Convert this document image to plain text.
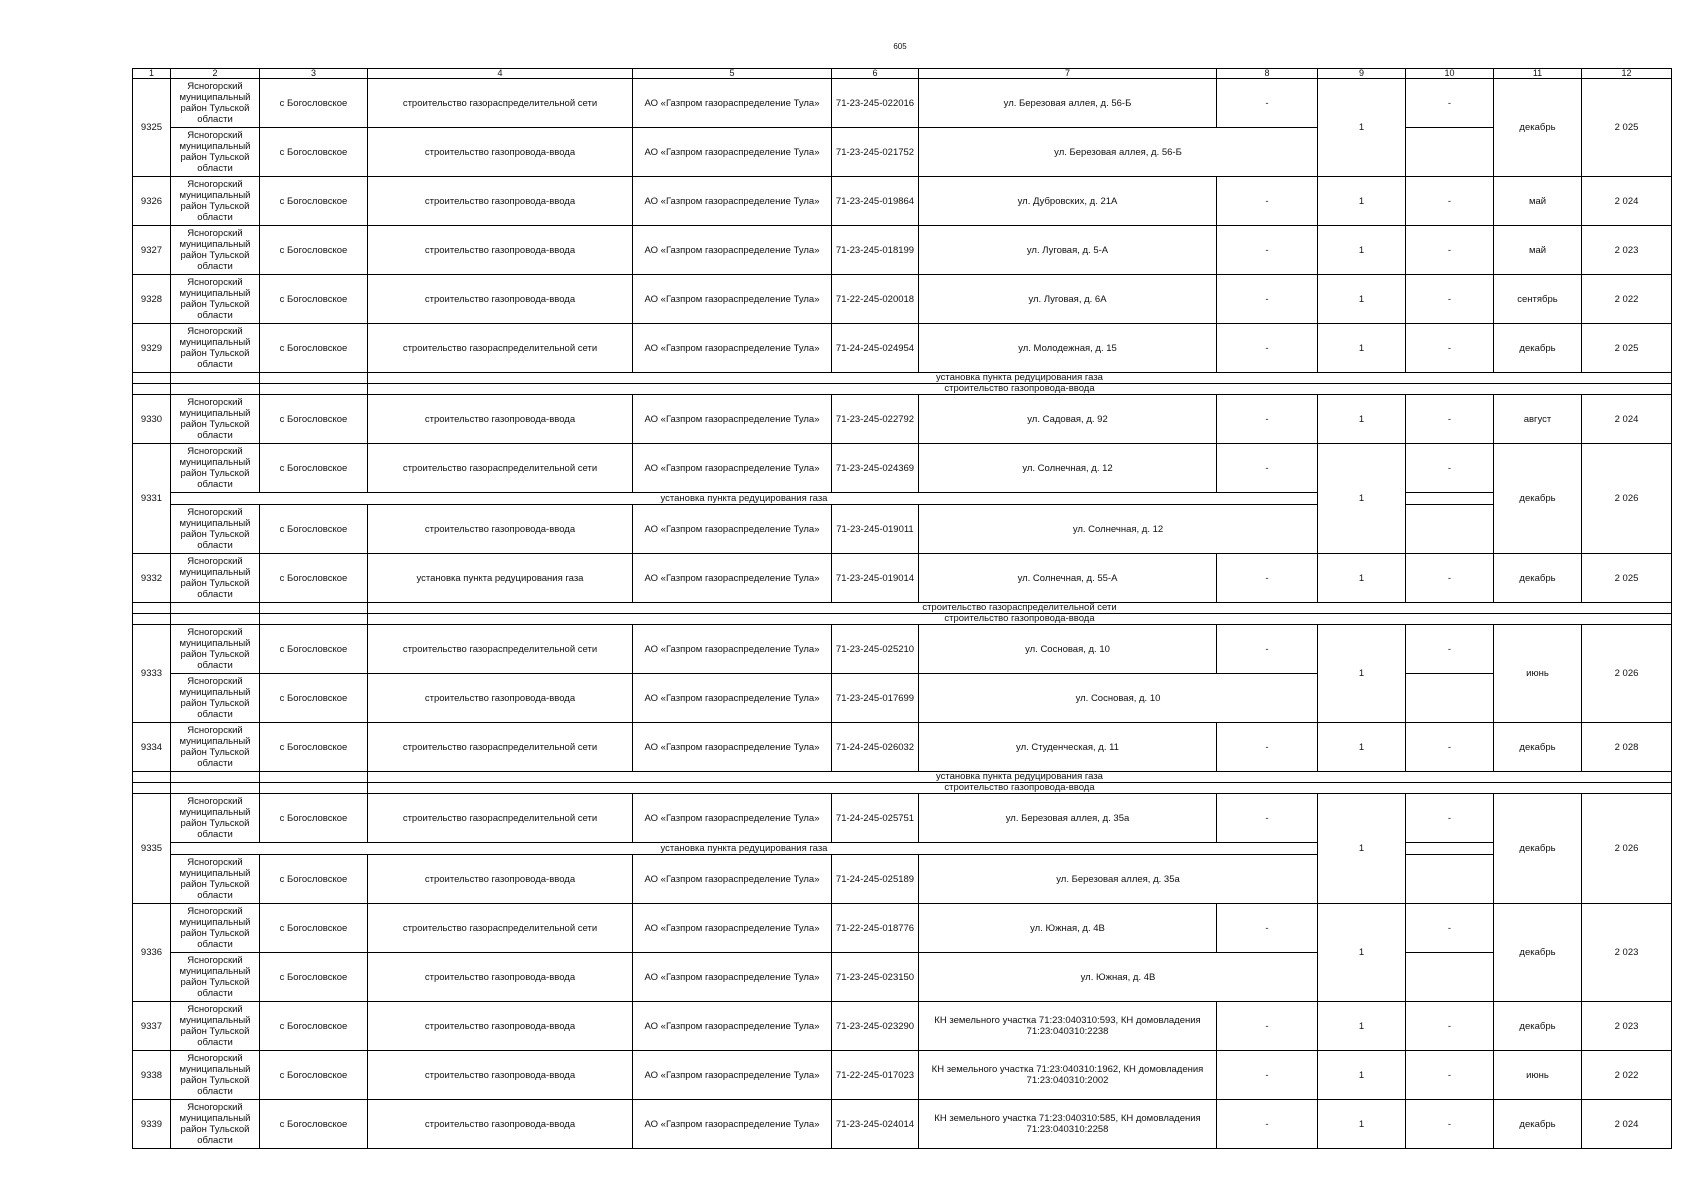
605
1	2	3	4	5	6	7	8	9	10	11	12
9325	Ясногорский муниципальный район Тульской области	с Богословское	строительство газораспределительной сети	АО «Газпром газораспределение Тула»	71-23-245-022016	ул. Березовая аллея, д. 56-Б	-	1	-	декабрь	2 025
	Ясногорский муниципальный район Тульской области	с Богословское	строительство газопровода-ввода	АО «Газпром газораспределение Тула»	71-23-245-021752	ул. Березовая аллея, д. 56-Б					
9326	Ясногорский муниципальный район Тульской области	с Богословское	строительство газопровода-ввода	АО «Газпром газораспределение Тула»	71-23-245-019864	ул. Дубровских, д. 21А	-	1	-	май	2 024
9327	Ясногорский муниципальный район Тульской области	с Богословское	строительство газопровода-ввода	АО «Газпром газораспределение Тула»	71-23-245-018199	ул. Луговая, д. 5-А	-	1	-	май	2 023
9328	Ясногорский муниципальный район Тульской области	с Богословское	строительство газопровода-ввода	АО «Газпром газораспределение Тула»	71-22-245-020018	ул. Луговая, д. 6А	-	1	-	сентябрь	2 022
9329	Ясногорский муниципальный район Тульской области	с Богословское	строительство газораспределительной сети	АО «Газпром газораспределение Тула»	71-24-245-024954	ул. Молодежная, д. 15	-	1	-	декабрь	2 025
			установка пункта редуцирования газа								
			строительство газопровода-ввода								
9330	Ясногорский муниципальный район Тульской области	с Богословское	строительство газопровода-ввода	АО «Газпром газораспределение Тула»	71-23-245-022792	ул. Садовая, д. 92	-	1	-	август	2 024
9331	Ясногорский муниципальный район Тульской области	с Богословское	строительство газораспределительной сети	АО «Газпром газораспределение Тула»	71-23-245-024369	ул. Солнечная, д. 12	-	1	-	декабрь	2 026
	установка пункта редуцирования газа										
	Ясногорский муниципальный район Тульской области	с Богословское	строительство газопровода-ввода	АО «Газпром газораспределение Тула»	71-23-245-019011	ул. Солнечная, д. 12					
9332	Ясногорский муниципальный район Тульской области	с Богословское	установка пункта редуцирования газа	АО «Газпром газораспределение Тула»	71-23-245-019014	ул. Солнечная, д. 55-А	-	1	-	декабрь	2 025
			строительство газораспределительной сети								
			строительство газопровода-ввода								
9333	Ясногорский муниципальный район Тульской области	с Богословское	строительство газораспределительной сети	АО «Газпром газораспределение Тула»	71-23-245-025210	ул. Сосновая, д. 10	-	1	-	июнь	2 026
	Ясногорский муниципальный район Тульской области	с Богословское	строительство газопровода-ввода	АО «Газпром газораспределение Тула»	71-23-245-017699	ул. Сосновая, д. 10					
9334	Ясногорский муниципальный район Тульской области	с Богословское	строительство газораспределительной сети	АО «Газпром газораспределение Тула»	71-24-245-026032	ул. Студенческая, д. 11	-	1	-	декабрь	2 028
			установка пункта редуцирования газа								
			строительство газопровода-ввода								
9335	Ясногорский муниципальный район Тульской области	с Богословское	строительство газораспределительной сети	АО «Газпром газораспределение Тула»	71-24-245-025751	ул. Березовая аллея, д. 35а	-	1	-	декабрь	2 026
	установка пункта редуцирования газа										
	Ясногорский муниципальный район Тульской области	с Богословское	строительство газопровода-ввода	АО «Газпром газораспределение Тула»	71-24-245-025189	ул. Березовая аллея, д. 35а					
9336	Ясногорский муниципальный район Тульской области	с Богословское	строительство газораспределительной сети	АО «Газпром газораспределение Тула»	71-22-245-018776	ул. Южная, д. 4В	-	1	-	декабрь	2 023
	Ясногорский муниципальный район Тульской области	с Богословское	строительство газопровода-ввода	АО «Газпром газораспределение Тула»	71-23-245-023150	ул. Южная, д. 4В					
9337	Ясногорский муниципальный район Тульской области	с Богословское	строительство газопровода-ввода	АО «Газпром газораспределение Тула»	71-23-245-023290	КН земельного участка 71:23:040310:593, КН домовладения 71:23:040310:2238	-	1	-	декабрь	2 023
9338	Ясногорский муниципальный район Тульской области	с Богословское	строительство газопровода-ввода	АО «Газпром газораспределение Тула»	71-22-245-017023	КН земельного участка 71:23:040310:1962, КН домовладения 71:23:040310:2002	-	1	-	июнь	2 022
9339	Ясногорский муниципальный район Тульской области	с Богословское	строительство газопровода-ввода	АО «Газпром газораспределение Тула»	71-23-245-024014	КН земельного участка 71:23:040310:585, КН домовладения 71:23:040310:2258	-	1	-	декабрь	2 024
